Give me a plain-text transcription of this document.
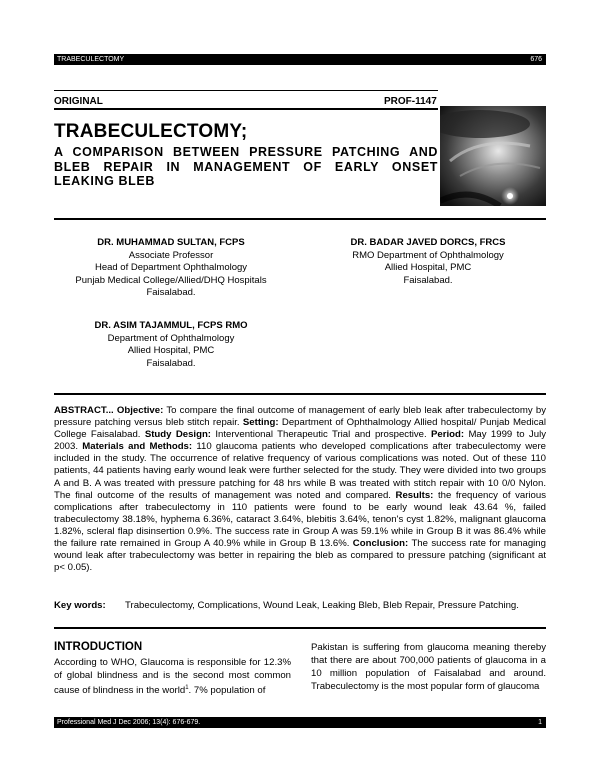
TRABECULECTOMY	676
ORIGINAL	PROF-1147
TRABECULECTOMY;
A COMPARISON BETWEEN PRESSURE PATCHING AND BLEB REPAIR IN MANAGEMENT OF EARLY ONSET LEAKING BLEB
DR. MUHAMMAD SULTAN, FCPS
Associate Professor
Head of Department Ophthalmology
Punjab Medical College/Allied/DHQ Hospitals
Faisalabad.
DR. BADAR JAVED DORCS, FRCS
RMO Department of Ophthalmology
Allied Hospital, PMC
Faisalabad.
DR. ASIM TAJAMMUL, FCPS RMO
Department of Ophthalmology
Allied Hospital, PMC
Faisalabad.
ABSTRACT... Objective: To compare the final outcome of management of early bleb leak after trabeculectomy by pressure patching versus bleb stitch repair. Setting: Department of Ophthalmology Allied hospital/ Punjab Medical College Faisalabad. Study Design: Interventional Therapeutic Trial and prospective. Period: May 1999 to July 2003. Materials and Methods: 110 glaucoma patients who developed complications after trabeculectomy were included in the study. The occurrence of relative frequency of various complications was noted. Out of these 110 patients, 44 patients having early wound leak were further selected for the study. They were divided into two groups A and B. A was treated with pressure patching for 48 hrs while B was treated with stitch repair with 10 0/0 Nylon. The final outcome of the results of management was noted and compared. Results: the frequency of various complications after trabeculectomy in 110 patients were found to be early wound leak 43.64 %, failed trabeculectomy 38.18%, hyphema 6.36%, cataract 3.64%, blebitis 3.64%, tenon's cyst 1.82%, malignant glaucoma 1.82%, scleral flap disinsertion 0.9%. The success rate in Group A was 59.1% while in Group B it was 86.4% while the failure rate remained in Group A 40.9% while in Group B 13.6%. Conclusion: The success rate for managing wound leak after trabeculectomy was better in repairing the bleb as compared to pressure patching (significant at p< 0.05).
Key words: Trabeculectomy, Complications, Wound Leak, Leaking Bleb, Bleb Repair, Pressure Patching.
INTRODUCTION
According to WHO, Glaucoma is responsible for 12.3% of global blindness and is the second most common cause of blindness in the world$^1$. 7% population of
Pakistan is suffering from glaucoma meaning thereby that there are about 700,000 patients of glaucoma in a 10 million population of Faisalabad and around. Trabeculectomy is the most popular form of glaucoma
Professional Med J Dec 2006; 13(4): 676-679.	1
